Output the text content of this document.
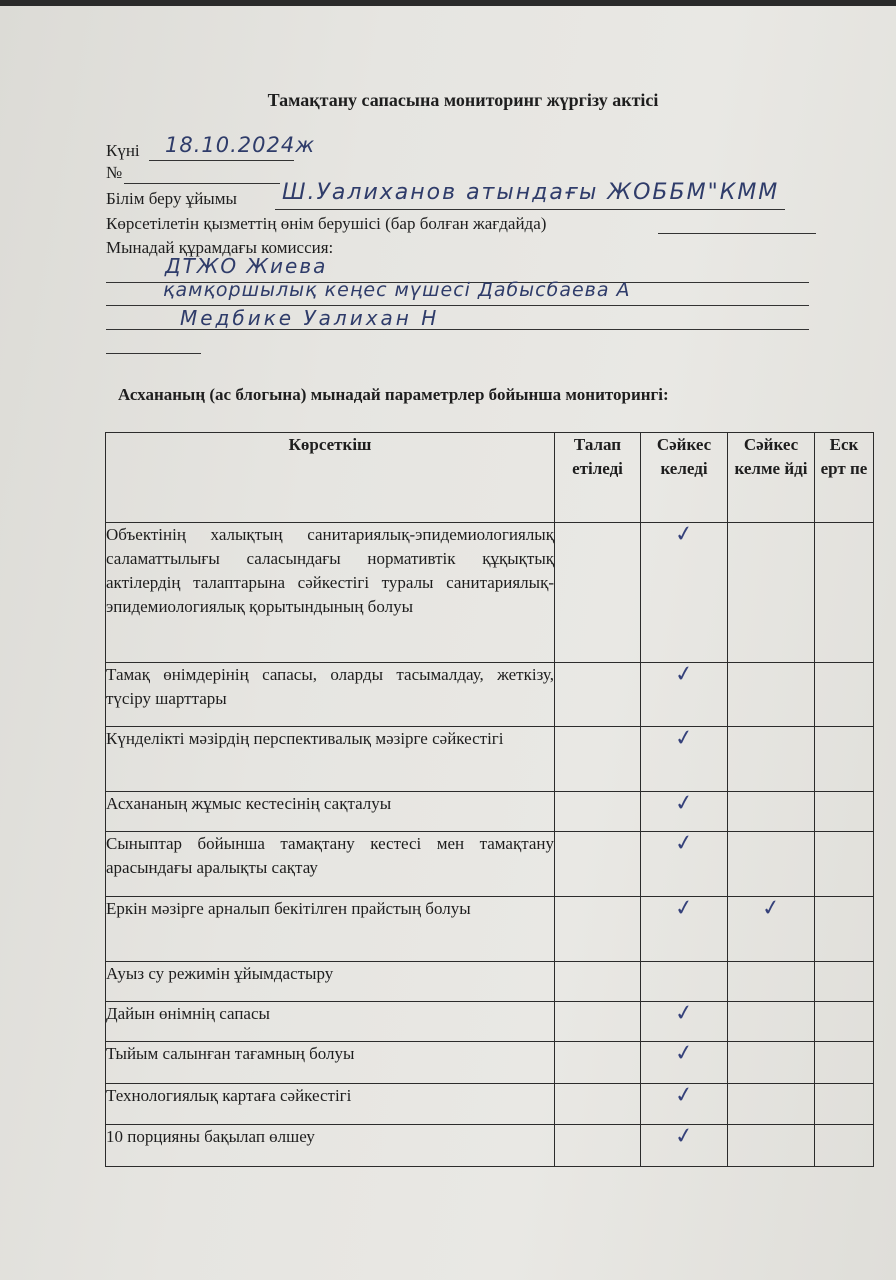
Тамақтану сапасына мониторинг жүргізу актісі
Күні 18.10.2024ж
№
Білім беру ұйымы Ш.Уалиханов атындағы ЖОББМ"КММ
Көрсетілетін қызметтің өнім берушісі (бар болған жағдайда)
Мынадай құрамдағы комиссия:
ДТЖО Жиева
қамқоршылық кеңес мүшесі Дабысбаева А
Медбике Уалихан Н
Асхананың (ас блогына) мынадай параметрлер бойынша мониторингі:
Көрсеткіш	Талап етіледі	Сәйкес келеді	Сәйкес келме йді	Еск ерт пе
Объектінің халықтың санитариялық-эпидемиологиялық саламаттылығы саласындағы нормативтік құқықтық актілердің талаптарына сәйкестігі туралы санитариялық-эпидемиологиялық қорытындының болуы		✓		
Тамақ өнімдерінің сапасы, оларды тасымалдау, жеткізу, түсіру шарттары		✓		
Күнделікті мәзірдің перспективалық мәзірге сәйкестігі		✓		
Асхананың жұмыс кестесінің сақталуы		✓		
Сыныптар бойынша тамақтану кестесі мен тамақтану арасындағы аралықты сақтау		✓		
Еркін мәзірге арналып бекітілген прайстың болуы		✓	✓	
Ауыз су режимін ұйымдастыру				
Дайын өнімнің сапасы		✓		
Тыйым салынған тағамның болуы		✓		
Технологиялық картаға сәйкестігі		✓		
10 порцияны бақылап өлшеу		✓		
